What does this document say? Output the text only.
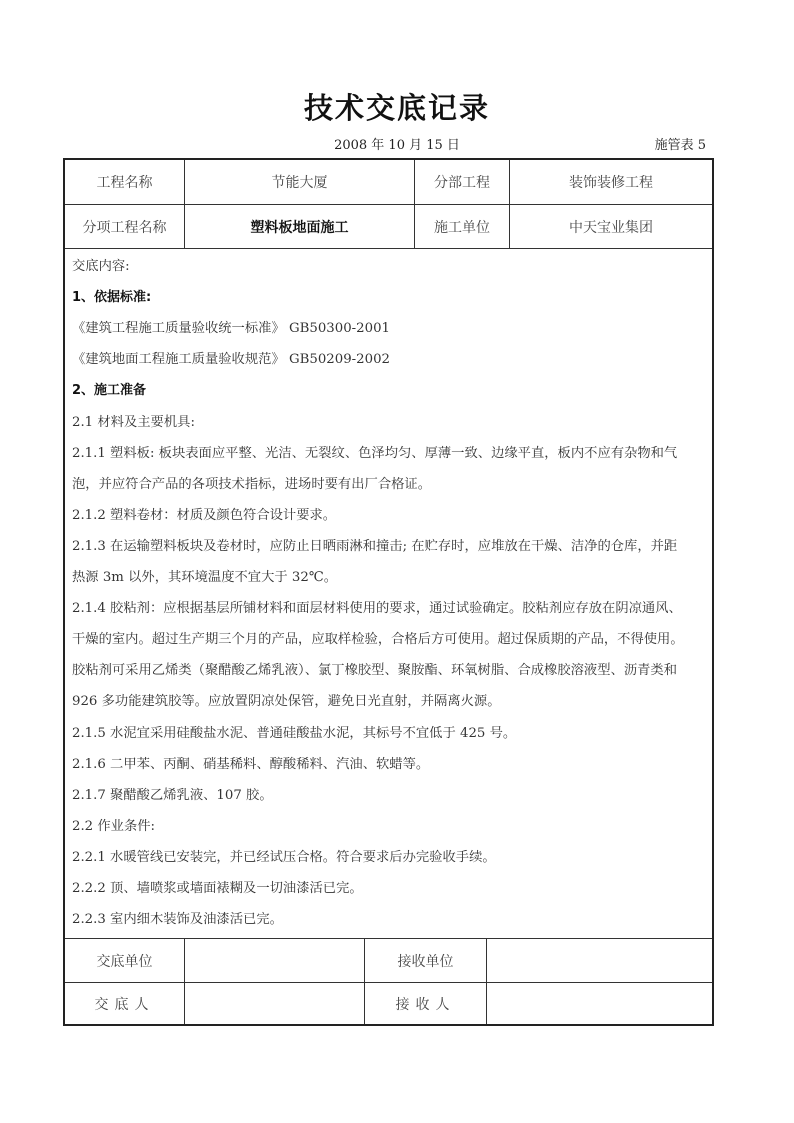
技术交底记录
2008 年 10 月 15 日	施管表 5
工程名称	节能大厦	分部工程	装饰装修工程
分项工程名称	塑料板地面施工	施工单位	中天宝业集团
交底内容:
1、依据标准:
《建筑工程施工质量验收统一标准》 GB50300-2001
《建筑地面工程施工质量验收规范》 GB50209-2002
2、施工准备
2.1 材料及主要机具:
2.1.1 塑料板: 板块表面应平整、光洁、无裂纹、色泽均匀、厚薄一致、边缘平直，板内不应有杂物和气
泡，并应符合产品的各项技术指标，进场时要有出厂合格证。
2.1.2 塑料卷材：材质及颜色符合设计要求。
2.1.3 在运输塑料板块及卷材时，应防止日晒雨淋和撞击; 在贮存时，应堆放在干燥、洁净的仓库，并距
热源 3m 以外，其环境温度不宜大于 32℃。
2.1.4 胶粘剂：应根据基层所铺材料和面层材料使用的要求，通过试验确定。胶粘剂应存放在阴凉通风、
干燥的室内。超过生产期三个月的产品，应取样检验，合格后方可使用。超过保质期的产品，不得使用。
胶粘剂可采用乙烯类（聚醋酸乙烯乳液）、氯丁橡胶型、聚胺酯、环氧树脂、合成橡胶溶液型、沥青类和
926 多功能建筑胶等。应放置阴凉处保管，避免日光直射，并隔离火源。
2.1.5 水泥宜采用硅酸盐水泥、普通硅酸盐水泥，其标号不宜低于 425 号。
2.1.6 二甲苯、丙酮、硝基稀料、醇酸稀料、汽油、软蜡等。
2.1.7 聚醋酸乙烯乳液、107 胶。
2.2 作业条件:
2.2.1 水暖管线已安装完，并已经试压合格。符合要求后办完验收手续。
2.2.2 顶、墙喷浆或墙面裱糊及一切油漆活已完。
2.2.3 室内细木装饰及油漆活已完。
交底单位	接收单位
交底人	接收人
